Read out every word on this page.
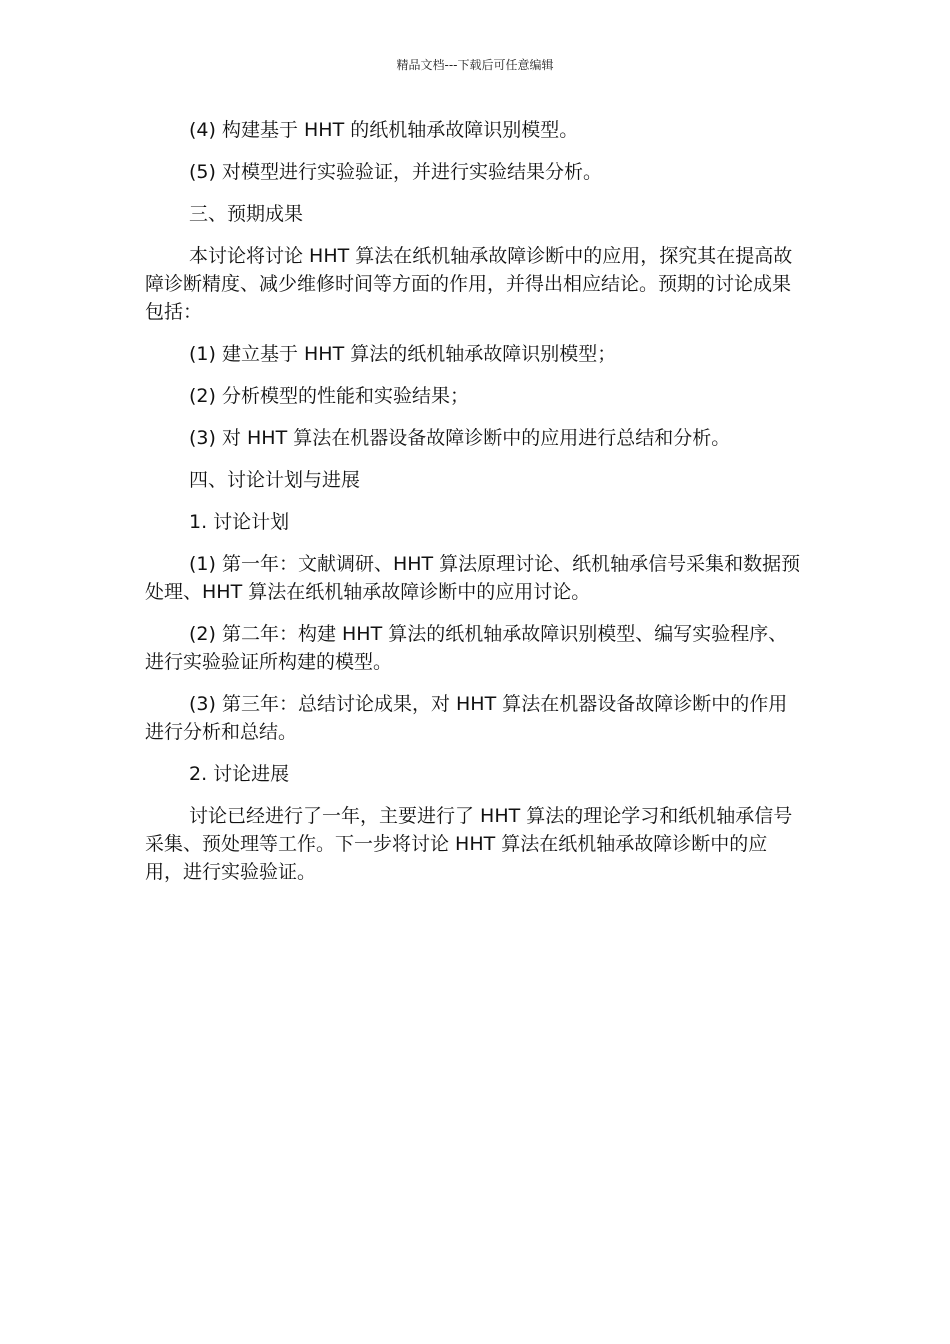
精品文档---下载后可任意编辑

(4) 构建基于 HHT 的纸机轴承故障识别模型。

(5) 对模型进行实验验证，并进行实验结果分析。

三、预期成果

本讨论将讨论 HHT 算法在纸机轴承故障诊断中的应用，探究其在提高故障诊断精度、减少维修时间等方面的作用，并得出相应结论。预期的讨论成果包括：

(1) 建立基于 HHT 算法的纸机轴承故障识别模型；

(2) 分析模型的性能和实验结果；

(3) 对 HHT 算法在机器设备故障诊断中的应用进行总结和分析。

四、讨论计划与进展

1. 讨论计划

(1) 第一年：文献调研、HHT 算法原理讨论、纸机轴承信号采集和数据预处理、HHT 算法在纸机轴承故障诊断中的应用讨论。

(2) 第二年：构建 HHT 算法的纸机轴承故障识别模型、编写实验程序、进行实验验证所构建的模型。

(3) 第三年：总结讨论成果，对 HHT 算法在机器设备故障诊断中的作用进行分析和总结。

2. 讨论进展

讨论已经进行了一年，主要进行了 HHT 算法的理论学习和纸机轴承信号采集、预处理等工作。下一步将讨论 HHT 算法在纸机轴承故障诊断中的应用，进行实验验证。
